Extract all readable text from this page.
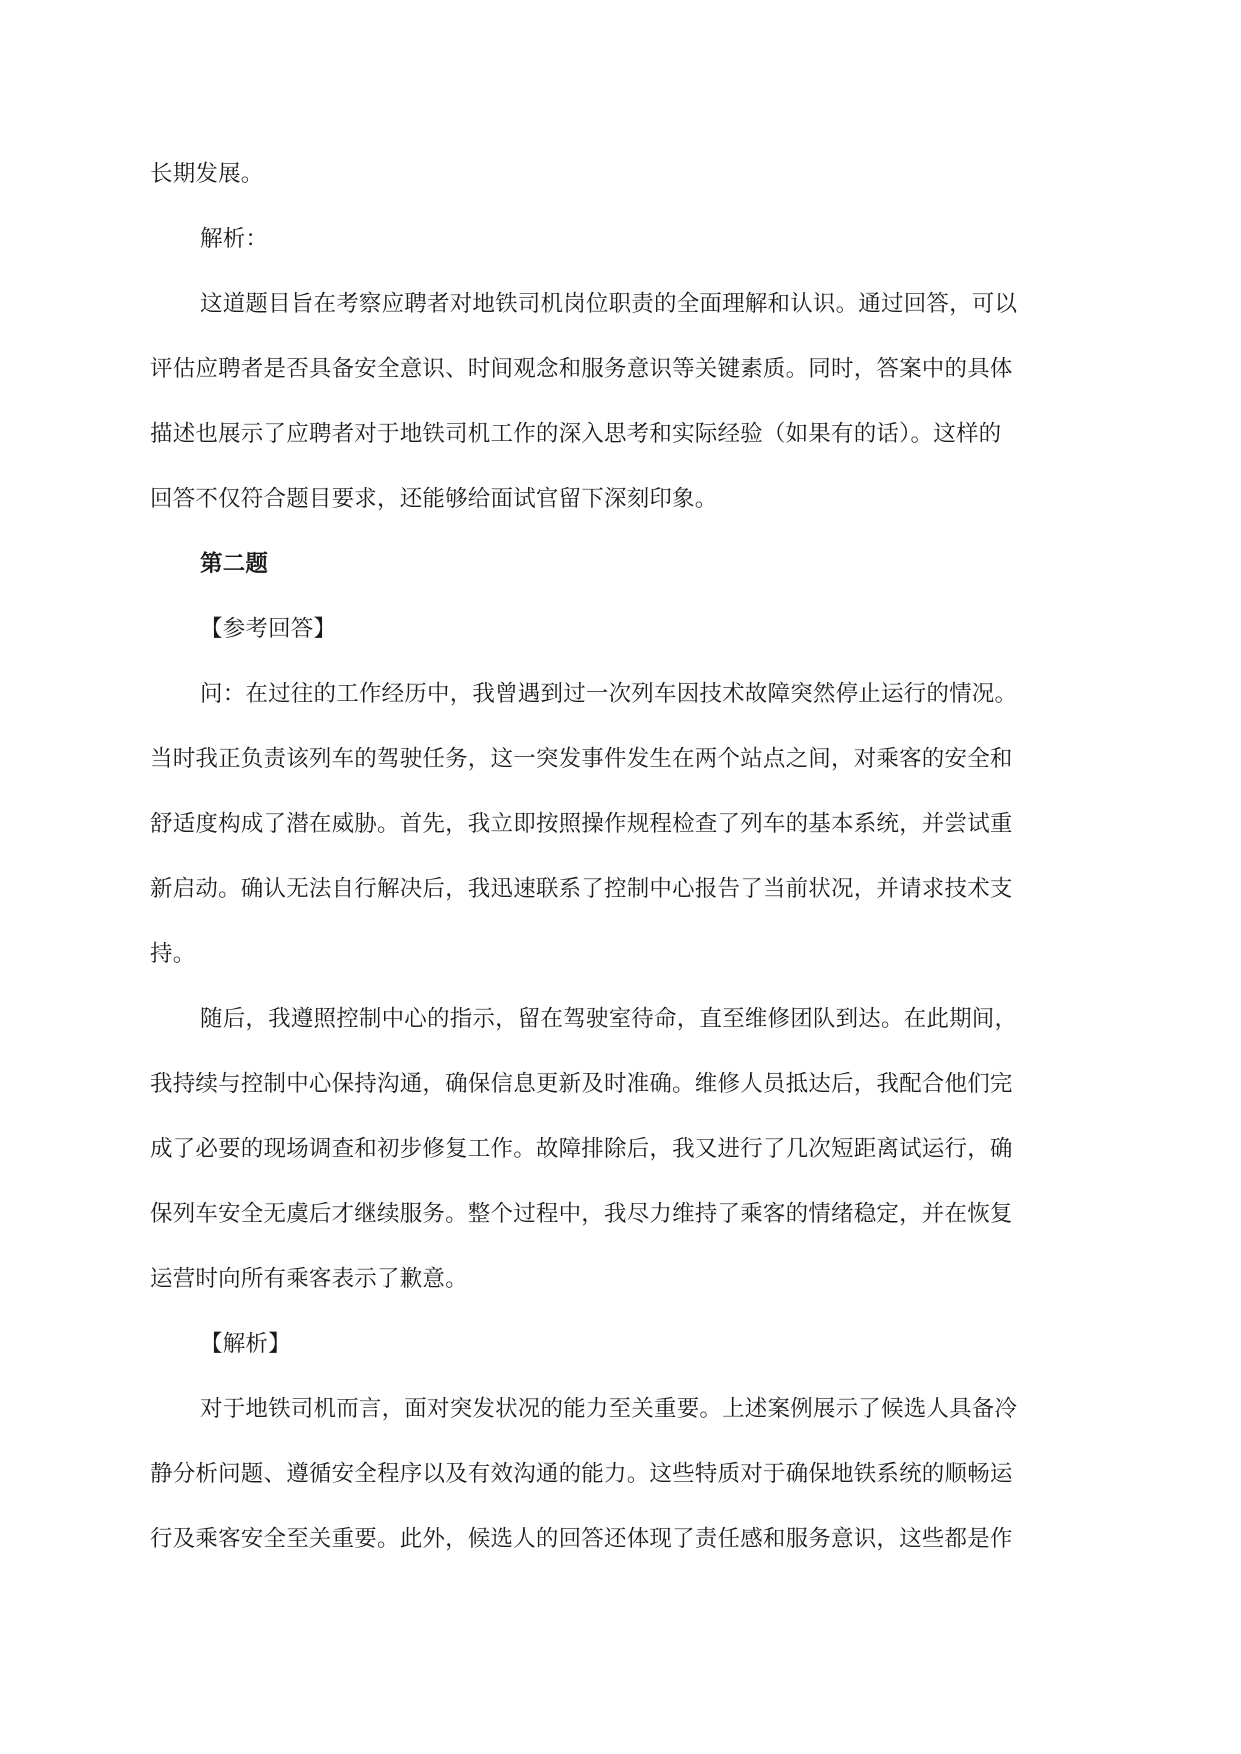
长期发展。
解析：
这道题目旨在考察应聘者对地铁司机岗位职责的全面理解和认识。通过回答，可以
评估应聘者是否具备安全意识、时间观念和服务意识等关键素质。同时，答案中的具体
描述也展示了应聘者对于地铁司机工作的深入思考和实际经验（如果有的话）。这样的
回答不仅符合题目要求，还能够给面试官留下深刻印象。
第二题
【参考回答】
问：在过往的工作经历中，我曾遇到过一次列车因技术故障突然停止运行的情况。
当时我正负责该列车的驾驶任务，这一突发事件发生在两个站点之间，对乘客的安全和
舒适度构成了潜在威胁。首先，我立即按照操作规程检查了列车的基本系统，并尝试重
新启动。确认无法自行解决后，我迅速联系了控制中心报告了当前状况，并请求技术支
持。
随后，我遵照控制中心的指示，留在驾驶室待命，直至维修团队到达。在此期间，
我持续与控制中心保持沟通，确保信息更新及时准确。维修人员抵达后，我配合他们完
成了必要的现场调查和初步修复工作。故障排除后，我又进行了几次短距离试运行，确
保列车安全无虞后才继续服务。整个过程中，我尽力维持了乘客的情绪稳定，并在恢复
运营时向所有乘客表示了歉意。
【解析】
对于地铁司机而言，面对突发状况的能力至关重要。上述案例展示了候选人具备冷
静分析问题、遵循安全程序以及有效沟通的能力。这些特质对于确保地铁系统的顺畅运
行及乘客安全至关重要。此外，候选人的回答还体现了责任感和服务意识，这些都是作
